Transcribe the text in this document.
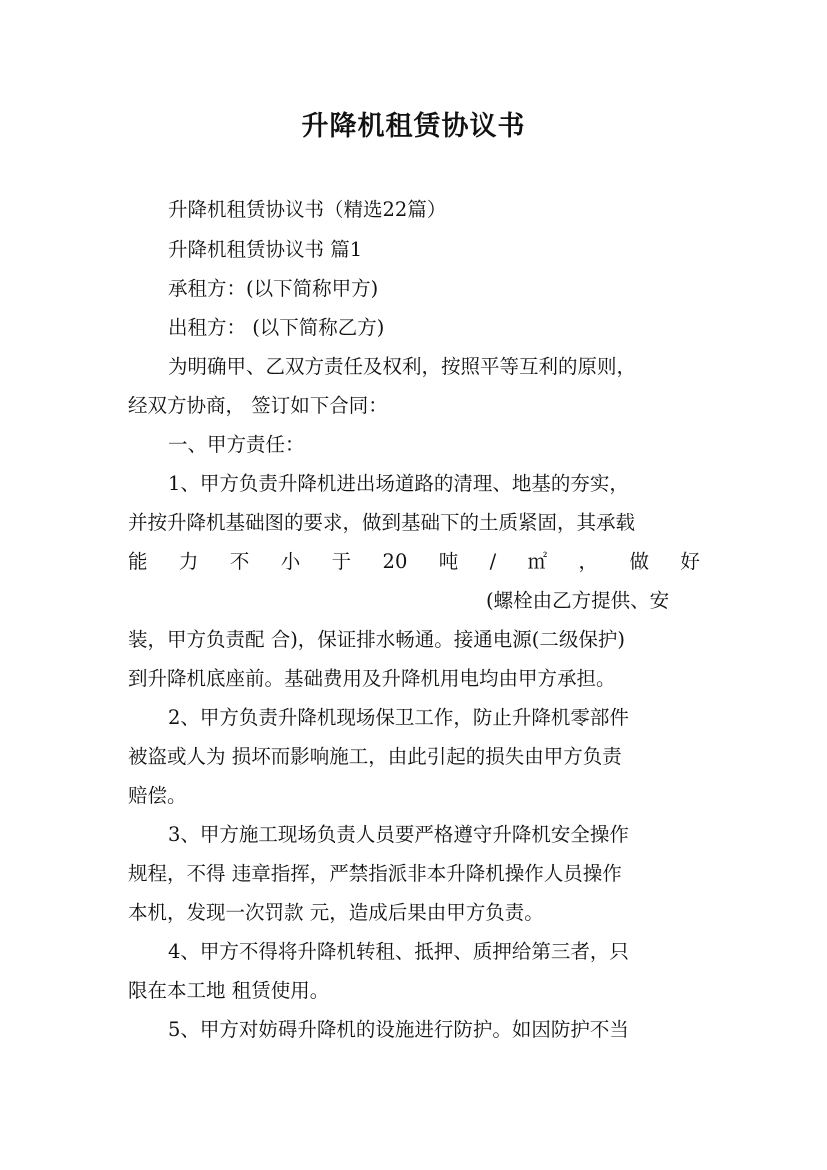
升降机租赁协议书
升降机租赁协议书（精选22篇）
升降机租赁协议书 篇1
承租方：(以下简称甲方)
出租方： (以下简称乙方)
为明确甲、乙双方责任及权利，按照平等互利的原则，
经双方协商， 签订如下合同：
一、甲方责任：
1、甲方负责升降机进出场道路的清理、地基的夯实，
并按升降机基础图的要求，做到基础下的土质紧固，其承载
能 力 不 小 于 20 吨 / ㎡ ， 做 好
(螺栓由乙方提供、安
装，甲方负责配 合)，保证排水畅通。接通电源(二级保护)
到升降机底座前。基础费用及升降机用电均由甲方承担。
2、甲方负责升降机现场保卫工作，防止升降机零部件
被盗或人为 损坏而影响施工，由此引起的损失由甲方负责
赔偿。
3、甲方施工现场负责人员要严格遵守升降机安全操作
规程，不得 违章指挥，严禁指派非本升降机操作人员操作
本机，发现一次罚款 元，造成后果由甲方负责。
4、甲方不得将升降机转租、抵押、质押给第三者，只
限在本工地 租赁使用。
5、甲方对妨碍升降机的设施进行防护。如因防护不当
